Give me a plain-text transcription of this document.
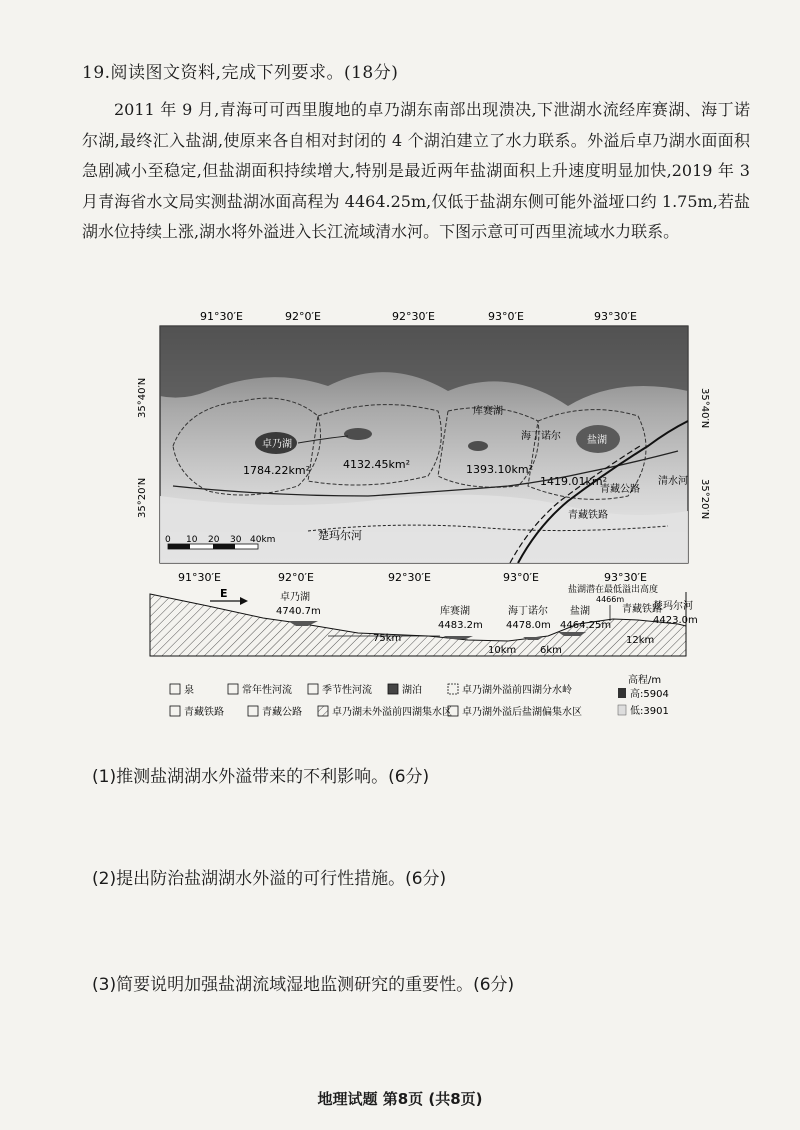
19.阅读图文资料,完成下列要求。(18分)

2011 年 9 月,青海可可西里腹地的卓乃湖东南部出现溃决,下泄湖水流经库赛湖、海丁诺尔湖,最终汇入盐湖,使原来各自相对封闭的 4 个湖泊建立了水力联系。外溢后卓乃湖水面面积急剧减小至稳定,但盐湖面积持续增大,特别是最近两年盐湖面积上升速度明显加快,2019 年 3 月青海省水文局实测盐湖冰面高程为 4464.25m,仅低于盐湖东侧可能外溢垭口约 1.75m,若盐湖水位持续上涨,湖水将外溢进入长江流域清水河。下图示意可可西里流域水力联系。

91°30′E	92°0′E	92°30′E	93°0′E	93°30′E
卓乃湖
库赛湖
海丁诺尔	盐湖
1784.22km²	4132.45km²	1393.10km²
1419.01km²
楚玛尔河
清水河
青藏公路
青藏铁路
35°40′N
35°20′N
35°40′N
35°20′N
0 10 20 30 40km
91°30′E	92°0′E	92°30′E	93°0′E	93°30′E
E	卓乃湖
4740.7m	库赛湖
4483.2m
海丁诺尔
4478.0m
盐湖
4464.25m
青藏铁路
楚玛尔河
4423.0m
盐湖潜在最低溢出高度
4466m
75km
10km 6km
12km
泉	常年性河流	季节性河流	湖泊	卓乃湖外溢前四湖分水岭
青藏铁路	青藏公路	卓乃湖未外溢前四湖集水区 卓乃湖外溢后盐湖偏集水区
高程/m
高:5904
低:3901
(1)推测盐湖湖水外溢带来的不利影响。(6分)
(2)提出防治盐湖湖水外溢的可行性措施。(6分)
(3)简要说明加强盐湖流域湿地监测研究的重要性。(6分)
地理试题 第8页 (共8页)
